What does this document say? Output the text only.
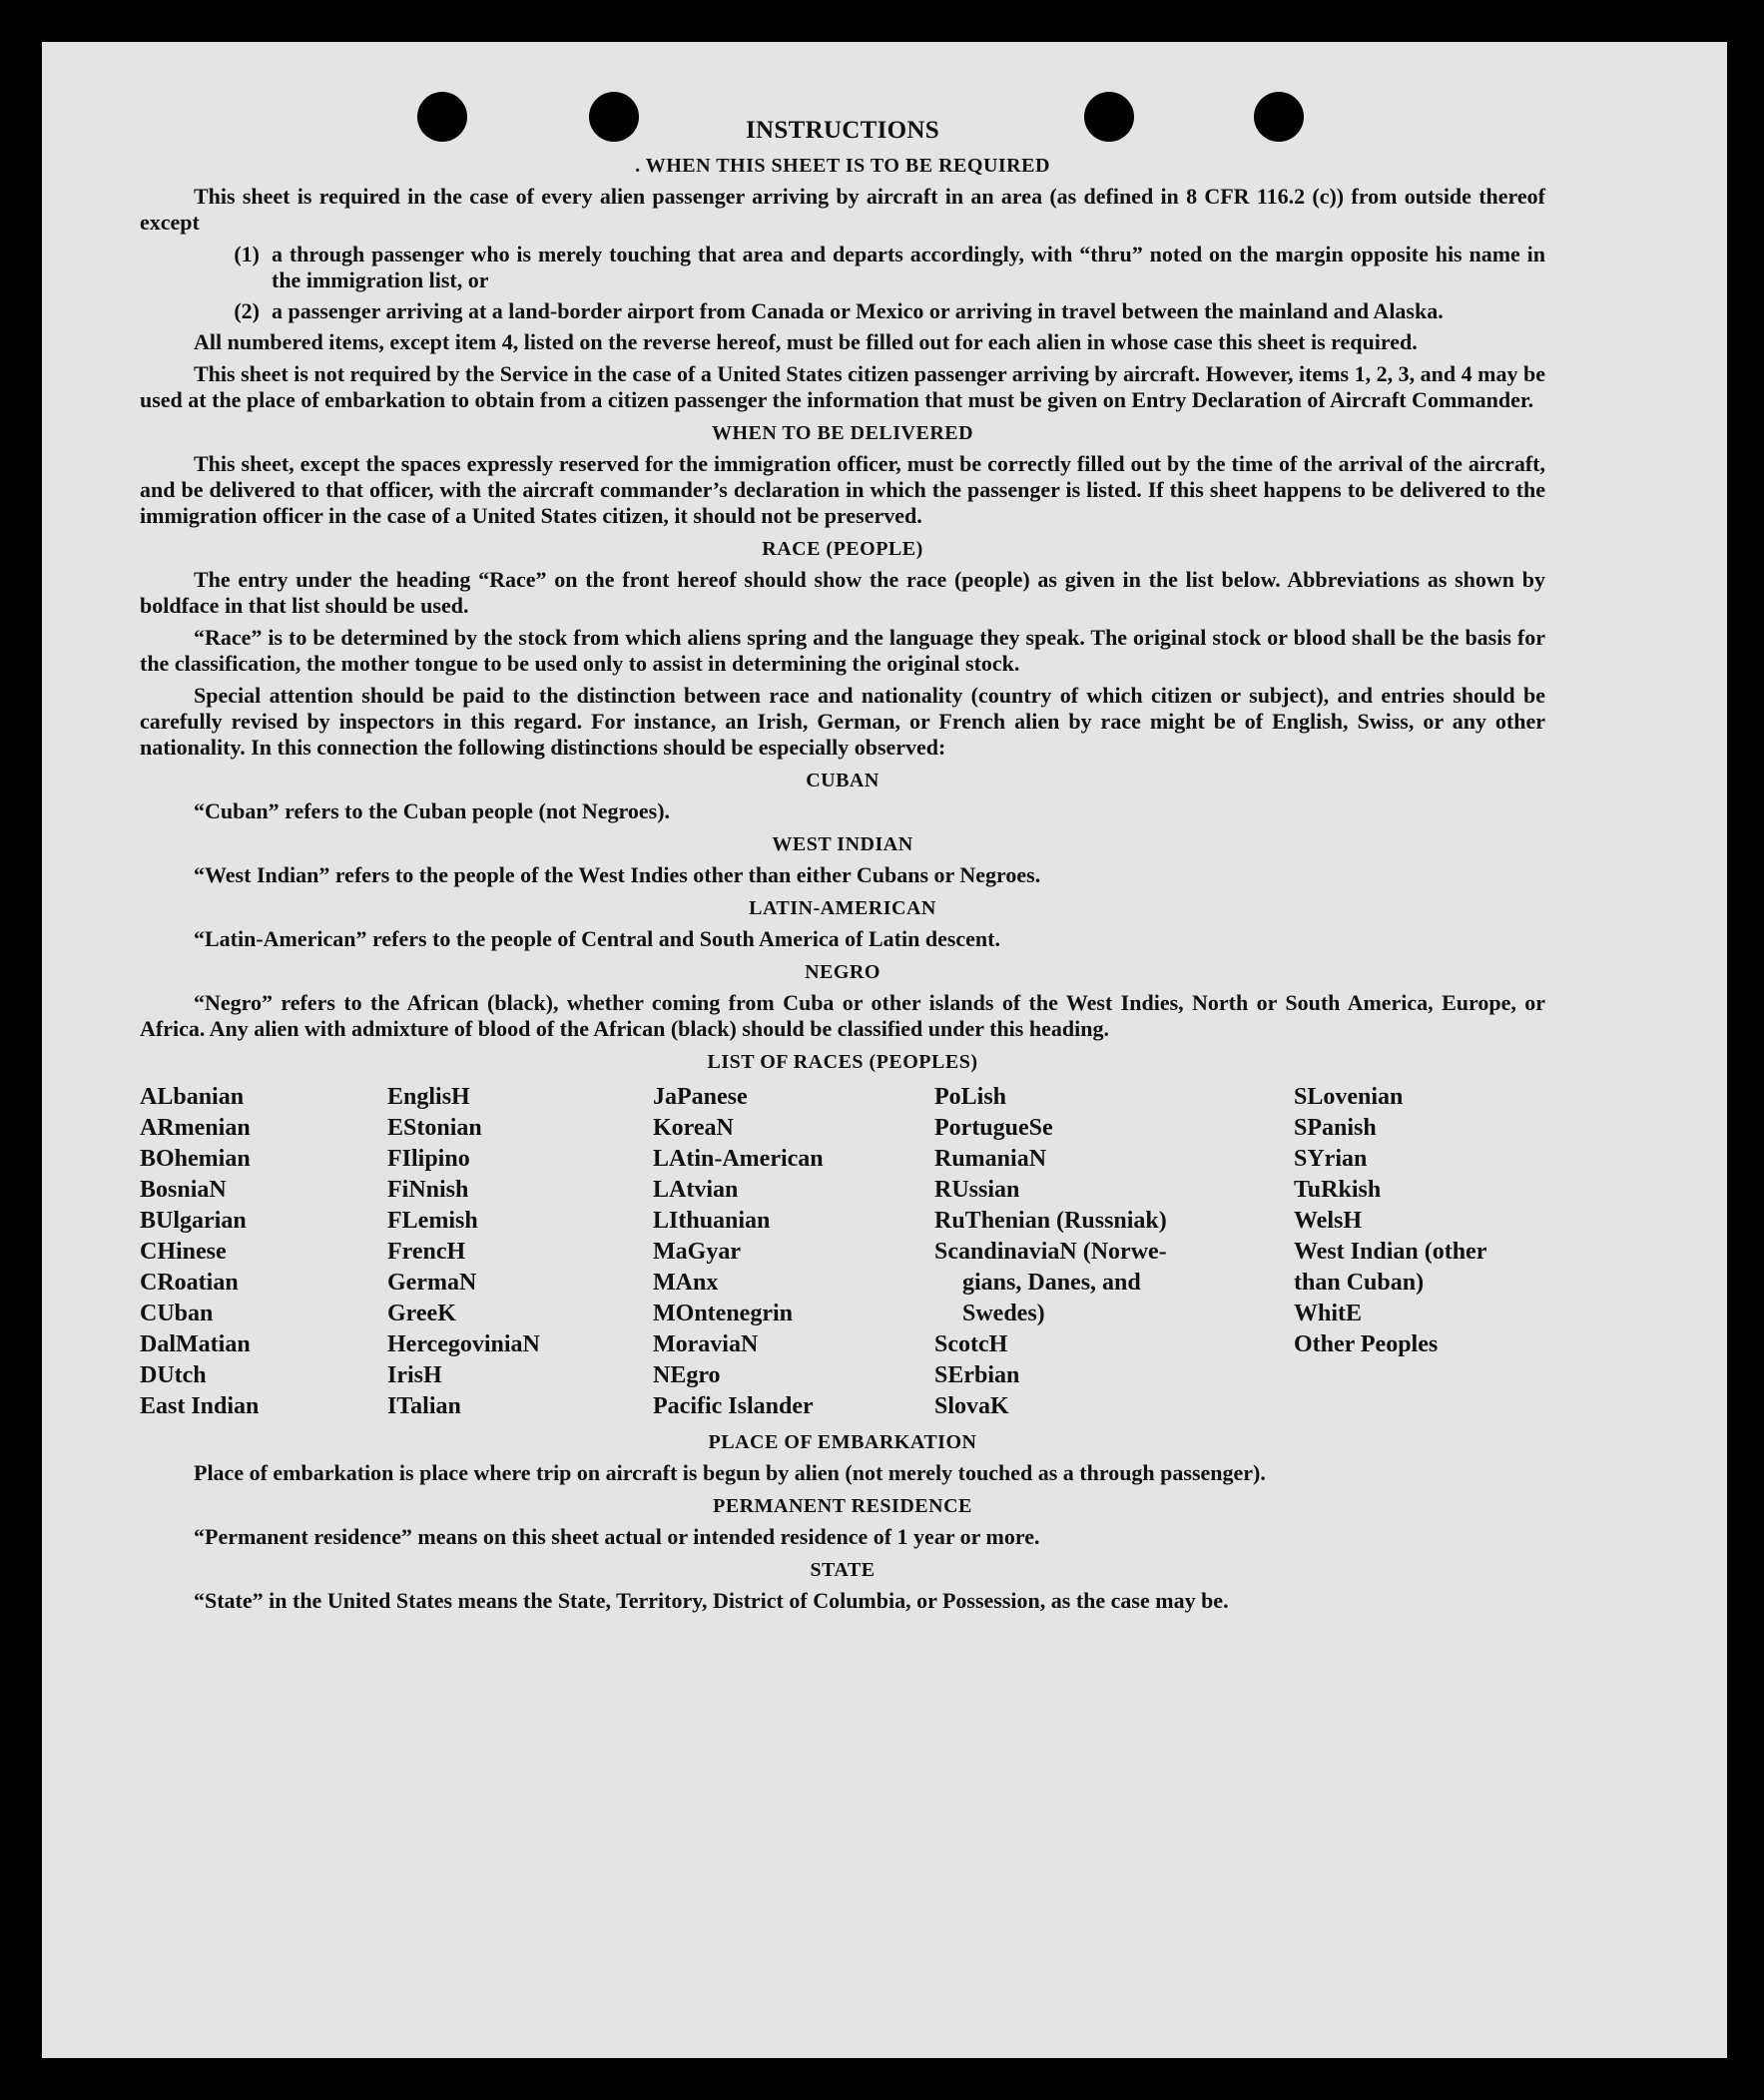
INSTRUCTIONS
. WHEN THIS SHEET IS TO BE REQUIRED
This sheet is required in the case of every alien passenger arriving by aircraft in an area (as defined in 8 CFR 116.2 (c)) from outside thereof except
(1) a through passenger who is merely touching that area and departs accordingly, with “thru” noted on the margin opposite his name in the immigration list, or
(2) a passenger arriving at a land-border airport from Canada or Mexico or arriving in travel between the mainland and Alaska.
All numbered items, except item 4, listed on the reverse hereof, must be filled out for each alien in whose case this sheet is required.
This sheet is not required by the Service in the case of a United States citizen passenger arriving by aircraft. However, items 1, 2, 3, and 4 may be used at the place of embarkation to obtain from a citizen passenger the information that must be given on Entry Declaration of Aircraft Commander.
WHEN TO BE DELIVERED
This sheet, except the spaces expressly reserved for the immigration officer, must be correctly filled out by the time of the arrival of the aircraft, and be delivered to that officer, with the aircraft commander’s declaration in which the passenger is listed. If this sheet happens to be delivered to the immigration officer in the case of a United States citizen, it should not be preserved.
RACE (PEOPLE)
The entry under the heading “Race” on the front hereof should show the race (people) as given in the list below. Abbreviations as shown by boldface in that list should be used.
“Race” is to be determined by the stock from which aliens spring and the language they speak. The original stock or blood shall be the basis for the classification, the mother tongue to be used only to assist in determining the original stock.
Special attention should be paid to the distinction between race and nationality (country of which citizen or subject), and entries should be carefully revised by inspectors in this regard. For instance, an Irish, German, or French alien by race might be of English, Swiss, or any other nationality. In this connection the following distinctions should be especially observed:
CUBAN
“Cuban” refers to the Cuban people (not Negroes).
WEST INDIAN
“West Indian” refers to the people of the West Indies other than either Cubans or Negroes.
LATIN-AMERICAN
“Latin-American” refers to the people of Central and South America of Latin descent.
NEGRO
“Negro” refers to the African (black), whether coming from Cuba or other islands of the West Indies, North or South America, Europe, or Africa. Any alien with admixture of blood of the African (black) should be classified under this heading.
LIST OF RACES (PEOPLES)
ALbanian
ARmenian
BOhemian
BosniaN
BUlgarian
CHinese
CRoatian
CUban
DalMatian
DUtch
East Indian
EnglisH
EStonian
FIlipino
FiNnish
FLemish
FrencH
GermaN
GreeK
HercegoviniaN
IrisH
ITalian
JaPanese
KoreaN
LAtin-American
LAtvian
LIthuanian
MaGyar
MAnx
MOntenegrin
MoraviaN
NEgro
Pacific Islander
PoLish
PortugueSe
RumaniaN
RUssian
RuThenian (Russniak)
ScandinaviaN (Norwe-
gians, Danes, and
Swedes)
ScotcH
SErbian
SlovaK
SLovenian
SPanish
SYrian
TuRkish
WelsH
West Indian (other
than Cuban)
WhitE
Other Peoples
PLACE OF EMBARKATION
Place of embarkation is place where trip on aircraft is begun by alien (not merely touched as a through passenger).
PERMANENT RESIDENCE
“Permanent residence” means on this sheet actual or intended residence of 1 year or more.
STATE
“State” in the United States means the State, Territory, District of Columbia, or Possession, as the case may be.
